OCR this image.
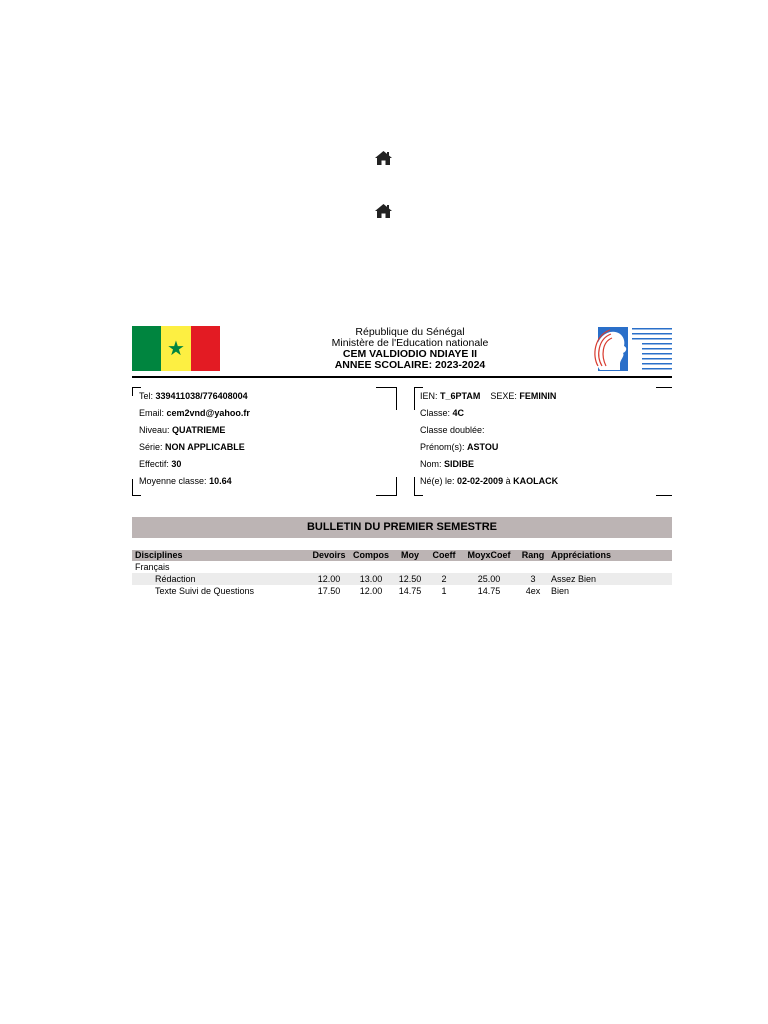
★
République du Sénégal
Ministère de l'Education nationale
CEM VALDIODIO NDIAYE II
ANNEE SCOLAIRE: 2023-2024
Tel: 339411038/776408004
Email: cem2vnd@yahoo.fr
Niveau: QUATRIEME
Série: NON APPLICABLE
Effectif: 30
Moyenne classe: 10.64
IEN: T_6PTAM SEXE: FEMININ
Classe: 4C
Classe doublée:
Prénom(s): ASTOU
Nom: SIDIBE
Né(e) le: 02-02-2009 à KAOLACK
BULLETIN DU PREMIER SEMESTRE
Disciplines	Devoirs	Compos	Moy	Coeff	MoyxCoef	Rang	Appréciations
Français							
Rédaction	12.00	13.00	12.50	2	25.00	3	Assez Bien
Texte Suivi de Questions	17.50	12.00	14.75	1	14.75	4ex	Bien
